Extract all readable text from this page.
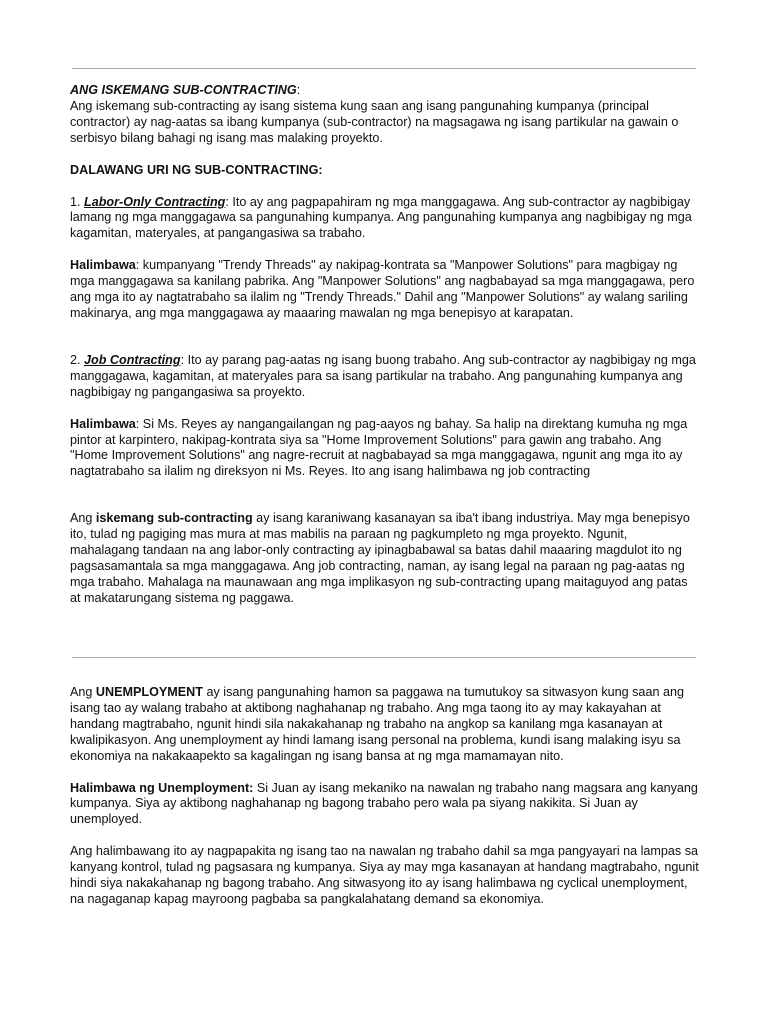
ANG ISKEMANG SUB-CONTRACTING:

Ang iskemang sub-contracting ay isang sistema kung saan ang isang pangunahing kumpanya (principal contractor) ay nag-aatas sa ibang kumpanya (sub-contractor) na magsagawa ng isang partikular na gawain o serbisyo bilang bahagi ng isang mas malaking proyekto.

DALAWANG URI NG SUB-CONTRACTING:

1. Labor-Only Contracting: Ito ay ang pagpapahiram ng mga manggagawa. Ang sub-contractor ay nagbibigay lamang ng mga manggagawa sa pangunahing kumpanya. Ang pangunahing kumpanya ang nagbibigay ng mga kagamitan, materyales, at pangangasiwa sa trabaho.

Halimbawa: kumpanyang "Trendy Threads" ay nakipag-kontrata sa "Manpower Solutions" para magbigay ng mga manggagawa sa kanilang pabrika. Ang "Manpower Solutions" ang nagbabayad sa mga manggagawa, pero ang mga ito ay nagtatrabaho sa ilalim ng "Trendy Threads." Dahil ang "Manpower Solutions" ay walang sariling makinarya, ang mga manggagawa ay maaaring mawalan ng mga benepisyo at karapatan.

2. Job Contracting: Ito ay parang pag-aatas ng isang buong trabaho. Ang sub-contractor ay nagbibigay ng mga manggagawa, kagamitan, at materyales para sa isang partikular na trabaho. Ang pangunahing kumpanya ang nagbibigay ng pangangasiwa sa proyekto.

Halimbawa: Si Ms. Reyes ay nangangailangan ng pag-aayos ng bahay. Sa halip na direktang kumuha ng mga pintor at karpintero, nakipag-kontrata siya sa "Home Improvement Solutions" para gawin ang trabaho. Ang "Home Improvement Solutions" ang nagre-recruit at nagbabayad sa mga manggagawa, ngunit ang mga ito ay nagtatrabaho sa ilalim ng direksyon ni Ms. Reyes. Ito ang isang halimbawa ng job contracting

Ang iskemang sub-contracting ay isang karaniwang kasanayan sa iba't ibang industriya. May mga benepisyo ito, tulad ng pagiging mas mura at mas mabilis na paraan ng pagkumpleto ng mga proyekto. Ngunit, mahalagang tandaan na ang labor-only contracting ay ipinagbabawal sa batas dahil maaaring magdulot ito ng pagsasamantala sa mga manggagawa. Ang job contracting, naman, ay isang legal na paraan ng pag-aatas ng mga trabaho. Mahalaga na maunawaan ang mga implikasyon ng sub-contracting upang maitaguyod ang patas at makatarungang sistema ng paggawa.

Ang UNEMPLOYMENT ay isang pangunahing hamon sa paggawa na tumutukoy sa sitwasyon kung saan ang isang tao ay walang trabaho at aktibong naghahanap ng trabaho. Ang mga taong ito ay may kakayahan at handang magtrabaho, ngunit hindi sila nakakahanap ng trabaho na angkop sa kanilang mga kasanayan at kwalipikasyon. Ang unemployment ay hindi lamang isang personal na problema, kundi isang malaking isyu sa ekonomiya na nakakaapekto sa kagalingan ng isang bansa at ng mga mamamayan nito.

Halimbawa ng Unemployment: Si Juan ay isang mekaniko na nawalan ng trabaho nang magsara ang kanyang kumpanya. Siya ay aktibong naghahanap ng bagong trabaho pero wala pa siyang nakikita. Si Juan ay unemployed.

Ang halimbawang ito ay nagpapakita ng isang tao na nawalan ng trabaho dahil sa mga pangyayari na lampas sa kanyang kontrol, tulad ng pagsasara ng kumpanya. Siya ay may mga kasanayan at handang magtrabaho, ngunit hindi siya nakakahanap ng bagong trabaho. Ang sitwasyong ito ay isang halimbawa ng cyclical unemployment, na nagaganap kapag mayroong pagbaba sa pangkalahatang demand sa ekonomiya.
